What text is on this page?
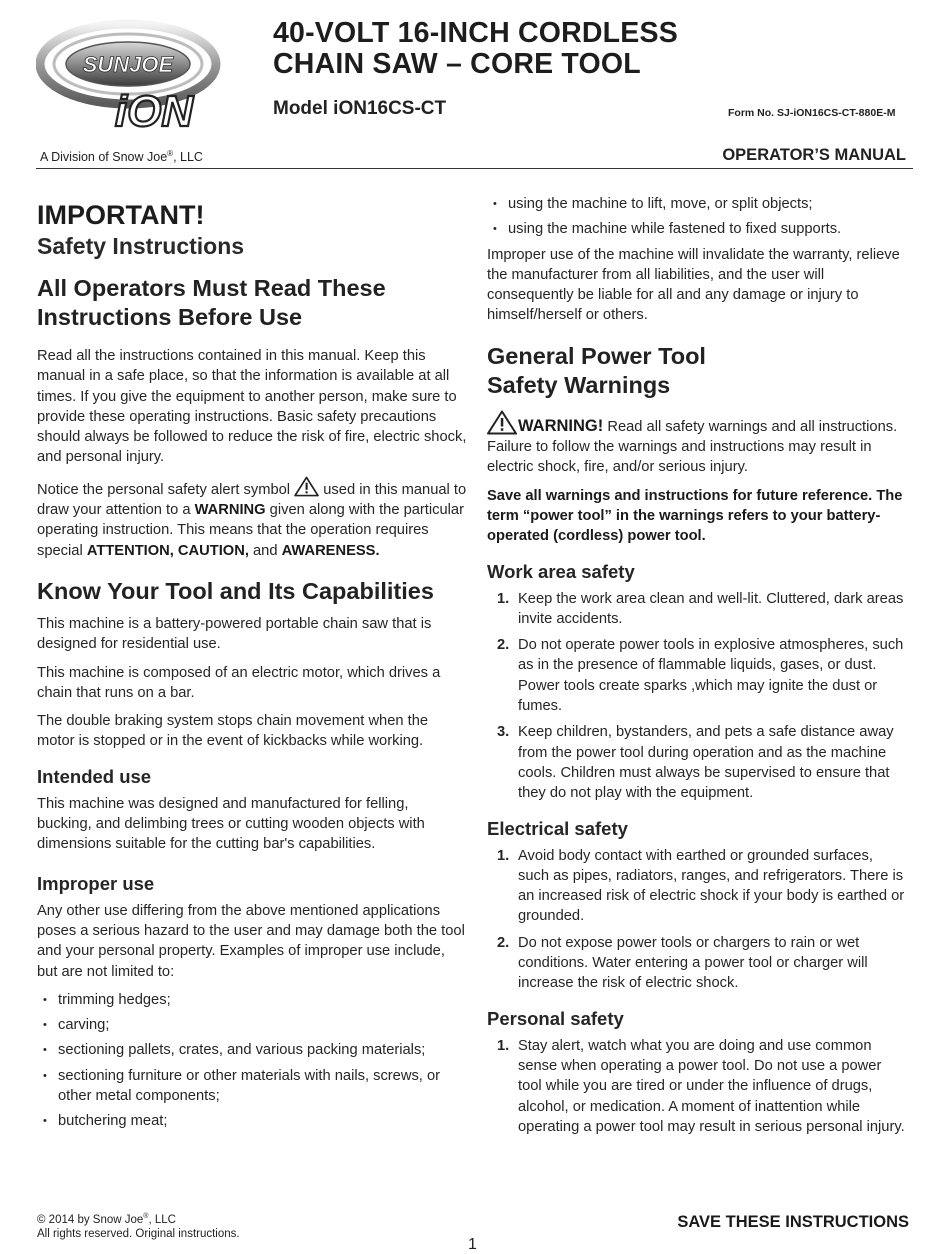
SUNJOE
iON
40-VOLT 16-INCH CORDLESS
CHAIN SAW – CORE TOOL
Model iON16CS-CT	Form No. SJ-iON16CS-CT-880E-M
A Division of Snow Joe®, LLC	OPERATOR’S MANUAL
IMPORTANT!
Safety Instructions
All Operators Must Read These Instructions Before Use

Read all the instructions contained in this manual. Keep this manual in a safe place, so that the information is available at all times. If you give the equipment to another person, make sure to provide these operating instructions. Basic safety precautions should always be followed to reduce the risk of fire, electric shock, and personal injury.

Notice the personal safety alert symbol used in this manual to draw your attention to a WARNING given along with the particular operating instruction. This means that the operation requires special ATTENTION, CAUTION, and AWARENESS.

Know Your Tool and Its Capabilities

This machine is a battery-powered portable chain saw that is designed for residential use.

This machine is composed of an electric motor, which drives a chain that runs on a bar.

The double braking system stops chain movement when the motor is stopped or in the event of kickbacks while working.

Intended use

This machine was designed and manufactured for felling, bucking, and delimbing trees or cutting wooden objects with dimensions suitable for the cutting bar's capabilities.

Improper use

Any other use differing from the above mentioned applications poses a serious hazard to the user and may damage both the tool and your personal property. Examples of improper use include, but are not limited to:

• trimming hedges;
• carving;
• sectioning pallets, crates, and various packing materials;
• sectioning furniture or other materials with nails, screws, or other metal components;
• butchering meat;
• using the machine to lift, move, or split objects;
• using the machine while fastened to fixed supports.

Improper use of the machine will invalidate the warranty, relieve the manufacturer from all liabilities, and the user will consequently be liable for all and any damage or injury to himself/herself or others.

General Power Tool
Safety Warnings

WARNING! Read all safety warnings and all instructions. Failure to follow the warnings and instructions may result in electric shock, fire, and/or serious injury.

Save all warnings and instructions for future reference. The term “power tool” in the warnings refers to your battery-operated (cordless) power tool.

Work area safety
1. Keep the work area clean and well-lit. Cluttered, dark areas invite accidents.
2. Do not operate power tools in explosive atmospheres, such as in the presence of flammable liquids, gases, or dust. Power tools create sparks ,which may ignite the dust or fumes.
3. Keep children, bystanders, and pets a safe distance away from the power tool during operation and as the machine cools. Children must always be supervised to ensure that they do not play with the equipment.
Electrical safety
1. Avoid body contact with earthed or grounded surfaces, such as pipes, radiators, ranges, and refrigerators. There is an increased risk of electric shock if your body is earthed or grounded.
2. Do not expose power tools or chargers to rain or wet conditions. Water entering a power tool or charger will increase the risk of electric shock.
Personal safety
1. Stay alert, watch what you are doing and use common sense when operating a power tool. Do not use a power tool while you are tired or under the influence of drugs, alcohol, or medication. A moment of inattention while operating a power tool may result in serious personal injury.
© 2014 by Snow Joe®, LLC
All rights reserved. Original instructions.
SAVE THESE INSTRUCTIONS
1
